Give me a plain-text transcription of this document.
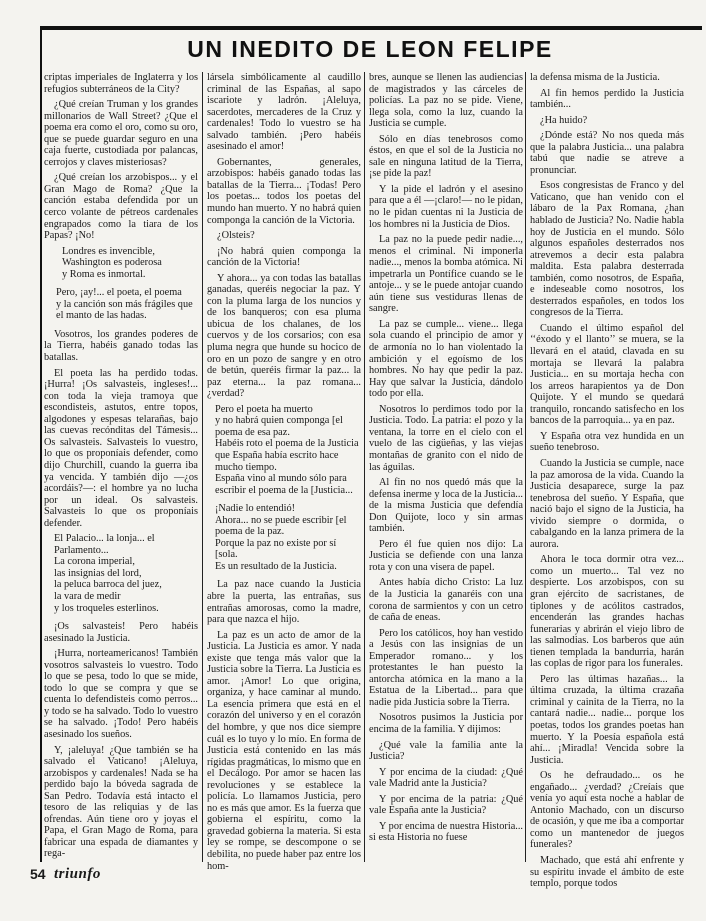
UN INEDITO DE LEON FELIPE

criptas imperiales de Inglaterra y los refugios subterráneos de la City?

¿Qué creían Truman y los grandes millonarios de Wall Street? ¿Que el poema era como el oro, como su oro, que se puede guardar seguro en una caja fuerte, custodiada por palancas, cerrojos y claves misteriosas?

¿Qué creían los arzobispos... y el Gran Mago de Roma? ¿Que la canción estaba defendida por un cerco volante de pétreos cardenales engrapados como la tiara de los Papas? ¡No!

Londres es invencible,
Washington es poderosa
y Roma es inmortal.

Pero, ¡ay!... el poeta, el poema
y la canción son más frágiles que el manto de las hadas.

Vosotros, los grandes poderes de la Tierra, habéis ganado todas las batallas.

El poeta las ha perdido todas. ¡Hurra! ¡Os salvasteis, ingleses!... con toda la vieja tramoya que escondisteis, astutos, entre topos, algodones y espesas telarañas, bajo las cuevas recónditas del Támesis... Os salvasteis. Salvasteis lo vuestro, lo que os proponíais defender, como dijo Churchill, cuando la guerra iba ya vencida. Y también dijo —¿os acordáis?—: el hombre ya no lucha por un ideal. Os salvasteis. Salvasteis lo que os proponíais defender.

El Palacio... la lonja... el Parlamento...
La corona imperial,
las insignias del lord,
la peluca barroca del juez,
la vara de medir
y los troqueles esterlinos.

¡Os salvasteis! Pero habéis asesinado la Justicia.

¡Hurra, norteamericanos! También vosotros salvasteis lo vuestro. Todo lo que se pesa, todo lo que se mide, todo lo que se compra y que se cuenta lo defendisteis como perros... y todo se ha salvado. Todo lo vuestro se ha salvado. ¡Todo! Pero habéis asesinado los sueños.

Y, ¡aleluya! ¿Que también se ha salvado el Vaticano! ¡Aleluya, arzobispos y cardenales! Nada se ha perdido bajo la bóveda sagrada de San Pedro. Todavía está intacto el tesoro de las reliquias y de las ofrendas. Aún tiene oro y joyas el Papa, el Gran Mago de Roma, para fabricar una espada de diamantes y rega-

lársela simbólicamente al caudillo criminal de las Españas, al sapo iscariote y ladrón. ¡Aleluya, sacerdotes, mercaderes de la Cruz y cardenales! Todo lo vuestro se ha salvado también. ¡Pero habéis asesinado el amor!

Gobernantes, generales, arzobispos: habéis ganado todas las batallas de la Tierra... ¡Todas! Pero los poetas... todos los poetas del mundo han muerto. Y no habrá quien componga la canción de la Victoria.

¿Olsteis?

¡No habrá quien componga la canción de la Victoria!

Y ahora... ya con todas las batallas ganadas, queréis negociar la paz. Y con la pluma larga de los nuncios y de los banqueros; con esa pluma ubicua de los chalanes, de los cuervos y de los corsarios; con esa pluma negra que hunde su hocico de oro en un pozo de sangre y en otro de betún, queréis firmar la paz... la paz eterna... la paz romana... ¿verdad?

Pero el poeta ha muerto
y no habrá quien componga [el poema de esa paz.
Habéis roto el poema de la Justicia que España había escrito hace mucho tiempo.
España vino al mundo sólo para escribir el poema de la [Justicia...

¡Nadie lo entendió!
Ahora... no se puede escribir [el poema de la paz.
Porque la paz no existe por sí [sola.
Es un resultado de la Justicia.

La paz nace cuando la Justicia abre la puerta, las entrañas, sus entrañas amorosas, como la madre, para que nazca el hijo.

La paz es un acto de amor de la Justicia. La Justicia es amor. Y nada existe que tenga más valor que la Justicia sobre la Tierra. La Justicia es amor. ¡Amor! Lo que origina, organiza, y hace caminar al mundo. La esencia primera que está en el corazón del universo y en el corazón del hombre, y que nos dice siempre cuál es lo tuyo y lo mío. En forma de Justicia está contenido en las más rígidas pragmáticas, lo mismo que en el Decálogo. Por amor se hacen las revoluciones y se establece la policía. Lo llamamos Justicia, pero no es más que amor. Es la fuerza que gobierna el espíritu, como la gravedad gobierna la materia. Si esta ley se rompe, se descompone o se debilita, no puede haber paz entre los hom-

bres, aunque se llenen las audiencias de magistrados y las cárceles de policías. La paz no se pide. Viene, llega sola, como la luz, cuando la Justicia se cumple.

Sólo en días tenebrosos como éstos, en que el sol de la Justicia no sale en ninguna latitud de la Tierra, ¡se pide la paz!

Y la pide el ladrón y el asesino para que a él —¡claro!— no le pidan, no le pidan cuentas ni la Justicia de los hombres ni la Justicia de Dios.

La paz no la puede pedir nadie..., menos el criminal. Ni imponerla nadie..., menos la bomba atómica. Ni impetrarla un Pontífice cuando se le antoje... y se le puede antojar cuando aún tiene sus vestiduras llenas de sangre.

La paz se cumple... viene... llega sola cuando el principio de amor y de armonía no lo han violentado la ambición y el egoísmo de los hombres. No hay que pedir la paz. Hay que salvar la Justicia, dándolo todo por ella.

Nosotros lo perdimos todo por la Justicia. Todo. La patria: el pozo y la ventana, la torre en el cielo con el vuelo de las cigüeñas, y las viejas montañas de granito con el nido de las águilas.

Al fin no nos quedó más que la defensa inerme y loca de la Justicia... de la misma Justicia que defendía Don Quijote, loco y sin armas también.

Pero él fue quien nos dijo: La Justicia se defiende con una lanza rota y con una visera de papel.

Antes había dicho Cristo: La luz de la Justicia la ganaréis con una corona de sarmientos y con un cetro de caña de eneas.

Pero los católicos, hoy han vestido a Jesús con las insignias de un Emperador romano... y los protestantes le han puesto la antorcha atómica en la mano a la Estatua de la Libertad... para que nadie pida Justicia sobre la Tierra.

Nosotros pusimos la Justicia por encima de la familia. Y dijimos:

¿Qué vale la familia ante la Justicia?

Y por encima de la ciudad: ¿Qué vale Madrid ante la Justicia?

Y por encima de la patria: ¿Qué vale España ante la Justicia?

Y por encima de nuestra Historia... si esta Historia no fuese

la defensa misma de la Justicia.

Al fin hemos perdido la Justicia también...

¿Ha huido?

¿Dónde está? No nos queda más que la palabra Justicia... una palabra tabú que nadie se atreve a pronunciar.

Esos congresistas de Franco y del Vaticano, que han venido con el lábaro de la Pax Romana, ¿han hablado de Justicia? No. Nadie habla hoy de Justicia en el mundo. Sólo algunos españoles desterrados nos atrevemos a decir esta palabra maldita. Esta palabra desterrada también, como nosotros, de España, e indeseable como nosotros, los desterrados españoles, en todos los congresos de la Tierra.

Cuando el último español del ‘‘éxodo y el llanto’’ se muera, se la llevará en el ataúd, clavada en su mortaja se llevará la palabra Justicia... en su mortaja hecha con los arreos harapientos ya de Don Quijote. Y el mundo se quedará tranquilo, roncando satisfecho en los bancos de la parroquia... ya en paz.

Y España otra vez hundida en un sueño tenebroso.

Cuando la Justicia se cumple, nace la paz amorosa de la vida. Cuando la Justicia desaparece, surge la paz tenebrosa del sueño. Y España, que nació bajo el signo de la Justicia, ha vivido siempre o dormida, o cabalgando en la lanza primera de la aurora.

Ahora le toca dormir otra vez... como un muerto... Tal vez no despierte. Los arzobispos, con su gran ejército de sacristanes, de tiplones y de acólitos castrados, encenderán las grandes hachas funerarias y abrirán el viejo libro de las salmodias. Los barberos que aún tienen templada la bandurria, harán las coplas de rigor para los funerales.

Pero las últimas hazañas... la última cruzada, la última crazaña criminal y cainita de la Tierra, no la cantará nadie... nadie... porque los poetas, todos los grandes poetas han muerto. Y la Poesía española está ahí... ¡Miradla! Vencida sobre la Justicia.

Os he defraudado... os he engañado... ¿verdad? ¿Creíais que venía yo aquí esta noche a hablar de Antonio Machado, con un discurso de ocasión, y que me iba a comportar como un mantenedor de juegos funerales?

Machado, que está ahí enfrente y su espíritu invade el ámbito de este templo, porque todos

54 triunfo
